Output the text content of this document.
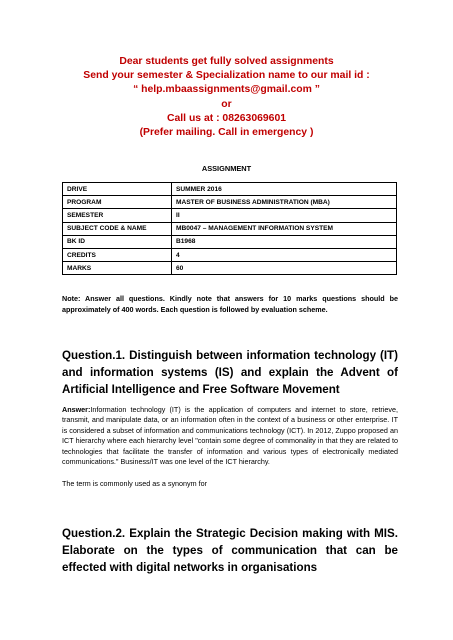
Dear students get fully solved assignments
Send your semester & Specialization name to our mail id :
“ help.mbaassignments@gmail.com ”
or
Call us at : 08263069601
(Prefer mailing. Call in emergency )
ASSIGNMENT
DRIVE	SUMMER 2016
PROGRAM	MASTER OF BUSINESS ADMINISTRATION (MBA)
SEMESTER	II
SUBJECT CODE & NAME	MB0047 – MANAGEMENT INFORMATION SYSTEM
BK ID	B1968
CREDITS	4
MARKS	60
Note: Answer all questions. Kindly note that answers for 10 marks questions should be approximately of 400 words. Each question is followed by evaluation scheme.
Question.1. Distinguish between information technology (IT) and information systems (IS) and explain the Advent of Artificial Intelligence and Free Software Movement
Answer:Information technology (IT) is the application of computers and internet to store, retrieve, transmit, and manipulate data, or an information often in the context of a business or other enterprise. IT is considered a subset of information and communications technology (ICT). In 2012, Zuppo proposed an ICT hierarchy where each hierarchy level "contain some degree of commonality in that they are related to technologies that facilitate the transfer of information and various types of electronically mediated communications." Business/IT was one level of the ICT hierarchy.
The term is commonly used as a synonym for
Question.2. Explain the Strategic Decision making with MIS. Elaborate on the types of communication that can be effected with digital networks in organisations
